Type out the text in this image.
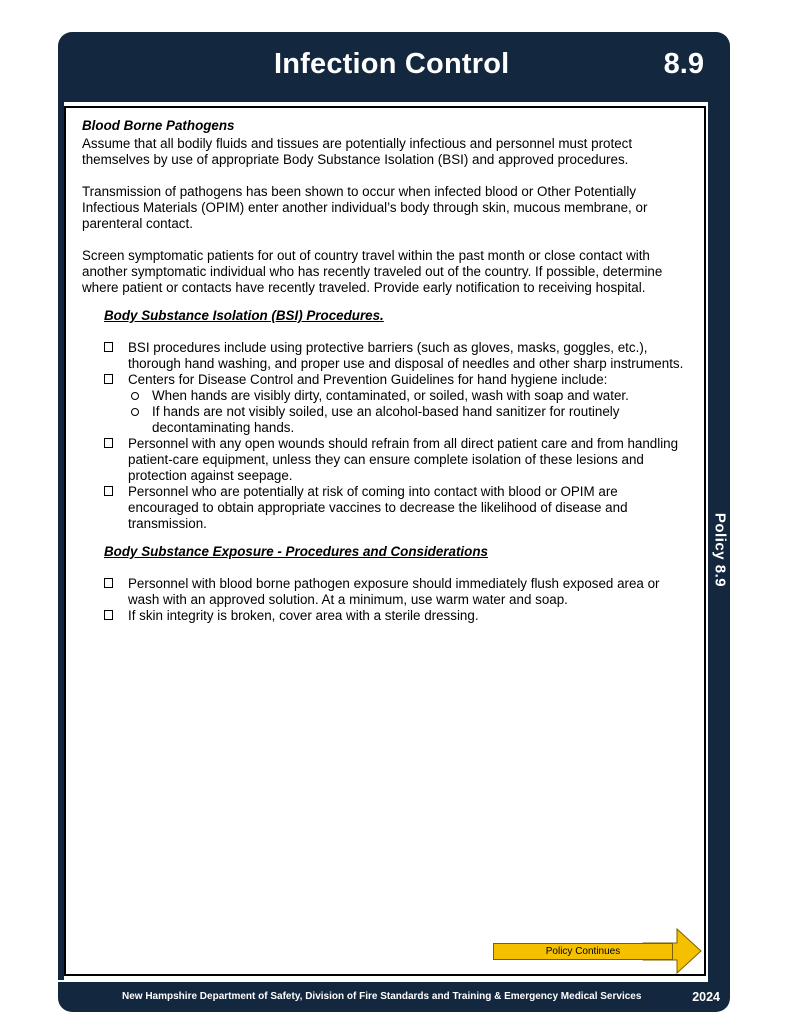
Infection Control	8.9
Policy 8.9
Blood Borne Pathogens

Assume that all bodily fluids and tissues are potentially infectious and personnel must protect themselves by use of appropriate Body Substance Isolation (BSI) and approved procedures.

Transmission of pathogens has been shown to occur when infected blood or Other Potentially Infectious Materials (OPIM) enter another individual’s body through skin, mucous membrane, or parenteral contact.

Screen symptomatic patients for out of country travel within the past month or close contact with another symptomatic individual who has recently traveled out of the country. If possible, determine where patient or contacts have recently traveled. Provide early notification to receiving hospital.

Body Substance Isolation (BSI) Procedures.
BSI procedures include using protective barriers (such as gloves, masks, goggles, etc.), thorough hand washing, and proper use and disposal of needles and other sharp instruments.
Centers for Disease Control and Prevention Guidelines for hand hygiene include:
When hands are visibly dirty, contaminated, or soiled, wash with soap and water.
If hands are not visibly soiled, use an alcohol-based hand sanitizer for routinely decontaminating hands.
Personnel with any open wounds should refrain from all direct patient care and from handling patient-care equipment, unless they can ensure complete isolation of these lesions and protection against seepage.
Personnel who are potentially at risk of coming into contact with blood or OPIM are encouraged to obtain appropriate vaccines to decrease the likelihood of disease and transmission.
Body Substance Exposure - Procedures and Considerations
Personnel with blood borne pathogen exposure should immediately flush exposed area or wash with an approved solution. At a minimum, use warm water and soap.
If skin integrity is broken, cover area with a sterile dressing.
Policy Continues
New Hampshire Department of Safety, Division of Fire Standards and Training & Emergency Medical Services	2024
